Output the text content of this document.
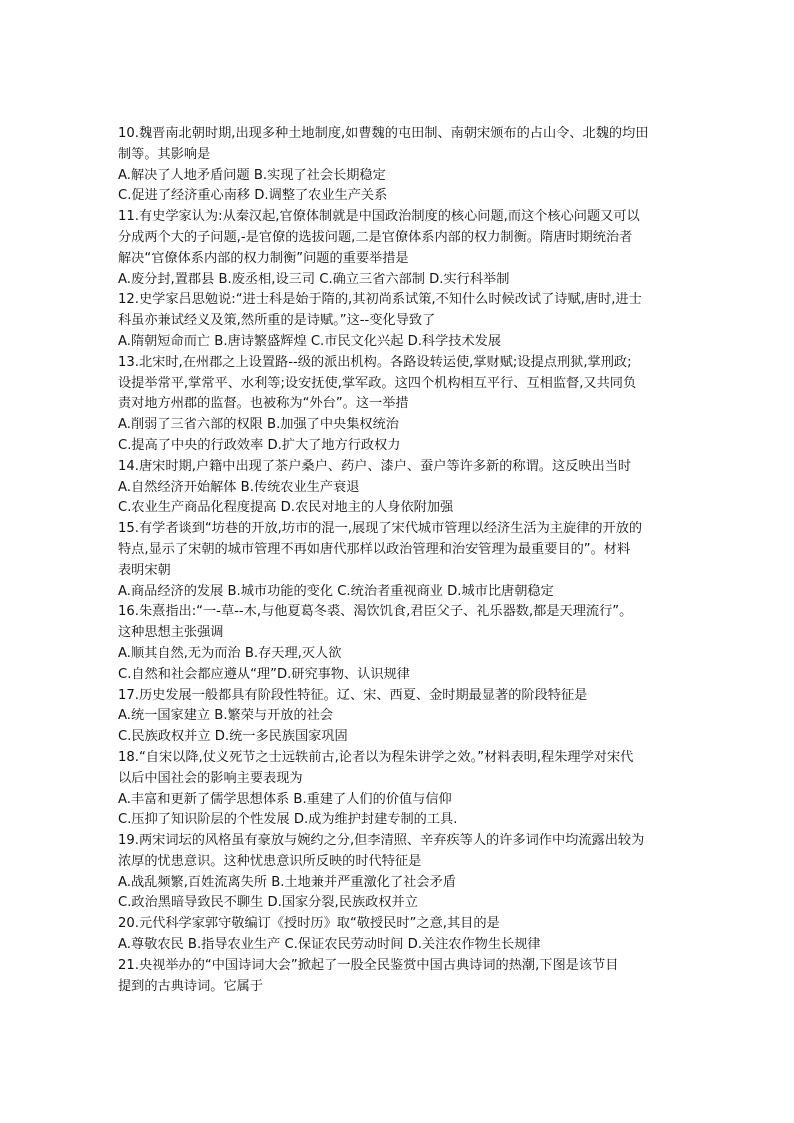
10.魏晋南北朝时期,出现多种土地制度,如曹魏的屯田制、南朝宋颁布的占山令、北魏的均田
制等。其影响是
A.解决了人地矛盾问题 B.实现了社会长期稳定
C.促进了经济重心南移 D.调整了农业生产关系
11.有史学家认为:从秦汉起,官僚体制就是中国政治制度的核心问题,而这个核心问题又可以
分成两个大的子问题,-是官僚的选拔问题,二是官僚体系内部的权力制衡。隋唐时期统治者
解决“官僚体系内部的权力制衡”问题的重要举措是
A.废分封,置郡县 B.废丞相,设三司 C.确立三省六部制 D.实行科举制
12.史学家吕思勉说:“进士科是始于隋的,其初尚系试策,不知什么时候改试了诗赋,唐时,进士
科虽亦兼试经义及策,然所重的是诗赋。”这--变化导致了
A.隋朝短命而亡 B.唐诗繁盛辉煌 C.市民文化兴起 D.科学技术发展
13.北宋时,在州郡之上设置路--级的派出机构。各路设转运使,掌财赋;设提点刑狱,掌刑政;
设提举常平,掌常平、水利等;设安抚使,掌军政。这四个机构相互平行、互相监督,又共同负
责对地方州郡的监督。也被称为“外台”。这一举措
A.削弱了三省六部的权限 B.加强了中央集权统治
C.提高了中央的行政效率 D.扩大了地方行政权力
14.唐宋时期,户籍中出现了茶户桑户、药户、漆户、蚕户等许多新的称谓。这反映出当时
A.自然经济开始解体 B.传统农业生产衰退
C.农业生产商品化程度提高 D.农民对地主的人身依附加强
15.有学者谈到“坊巷的开放,坊市的混一,展现了宋代城市管理以经济生活为主旋律的开放的
特点,显示了宋朝的城市管理不再如唐代那样以政治管理和治安管理为最重要目的”。材料
表明宋朝
A.商品经济的发展 B.城市功能的变化 C.统治者重视商业 D.城市比唐朝稳定
16.朱熹指出:“一-草--木,与他夏葛冬裘、渴饮饥食,君臣父子、礼乐器数,都是天理流行”。
这种思想主张强调
A.顺其自然,无为而治 B.存天理,灭人欲
C.自然和社会都应遵从“理”D.研究事物、认识规律
17.历史发展一般都具有阶段性特征。辽、宋、西夏、金时期最显著的阶段特征是
A.统一国家建立 B.繁荣与开放的社会
C.民族政权并立 D.统一多民族国家巩固
18.“自宋以降,仗义死节之士远轶前古,论者以为程朱讲学之效。”材料表明,程朱理学对宋代
以后中国社会的影响主要表现为
A.丰富和更新了儒学思想体系 B.重建了人们的价值与信仰
C.压抑了知识阶层的个性发展 D.成为维护封建专制的工具.
19.两宋词坛的风格虽有豪放与婉约之分,但李清照、辛弃疾等人的许多词作中均流露出较为
浓厚的忧患意识。这种忧患意识所反映的时代特征是
A.战乱频繁,百姓流离失所 B.土地兼并严重激化了社会矛盾
C.政治黑暗导致民不聊生 D.国家分裂,民族政权并立
20.元代科学家郭守敬编订《授时历》取“敬授民时”之意,其目的是
A.尊敬农民 B.指导农业生产 C.保证农民劳动时间 D.关注农作物生长规律
21.央视举办的“中国诗词大会”掀起了一股全民鉴赏中国古典诗词的热潮,下图是该节目
提到的古典诗词。它属于
